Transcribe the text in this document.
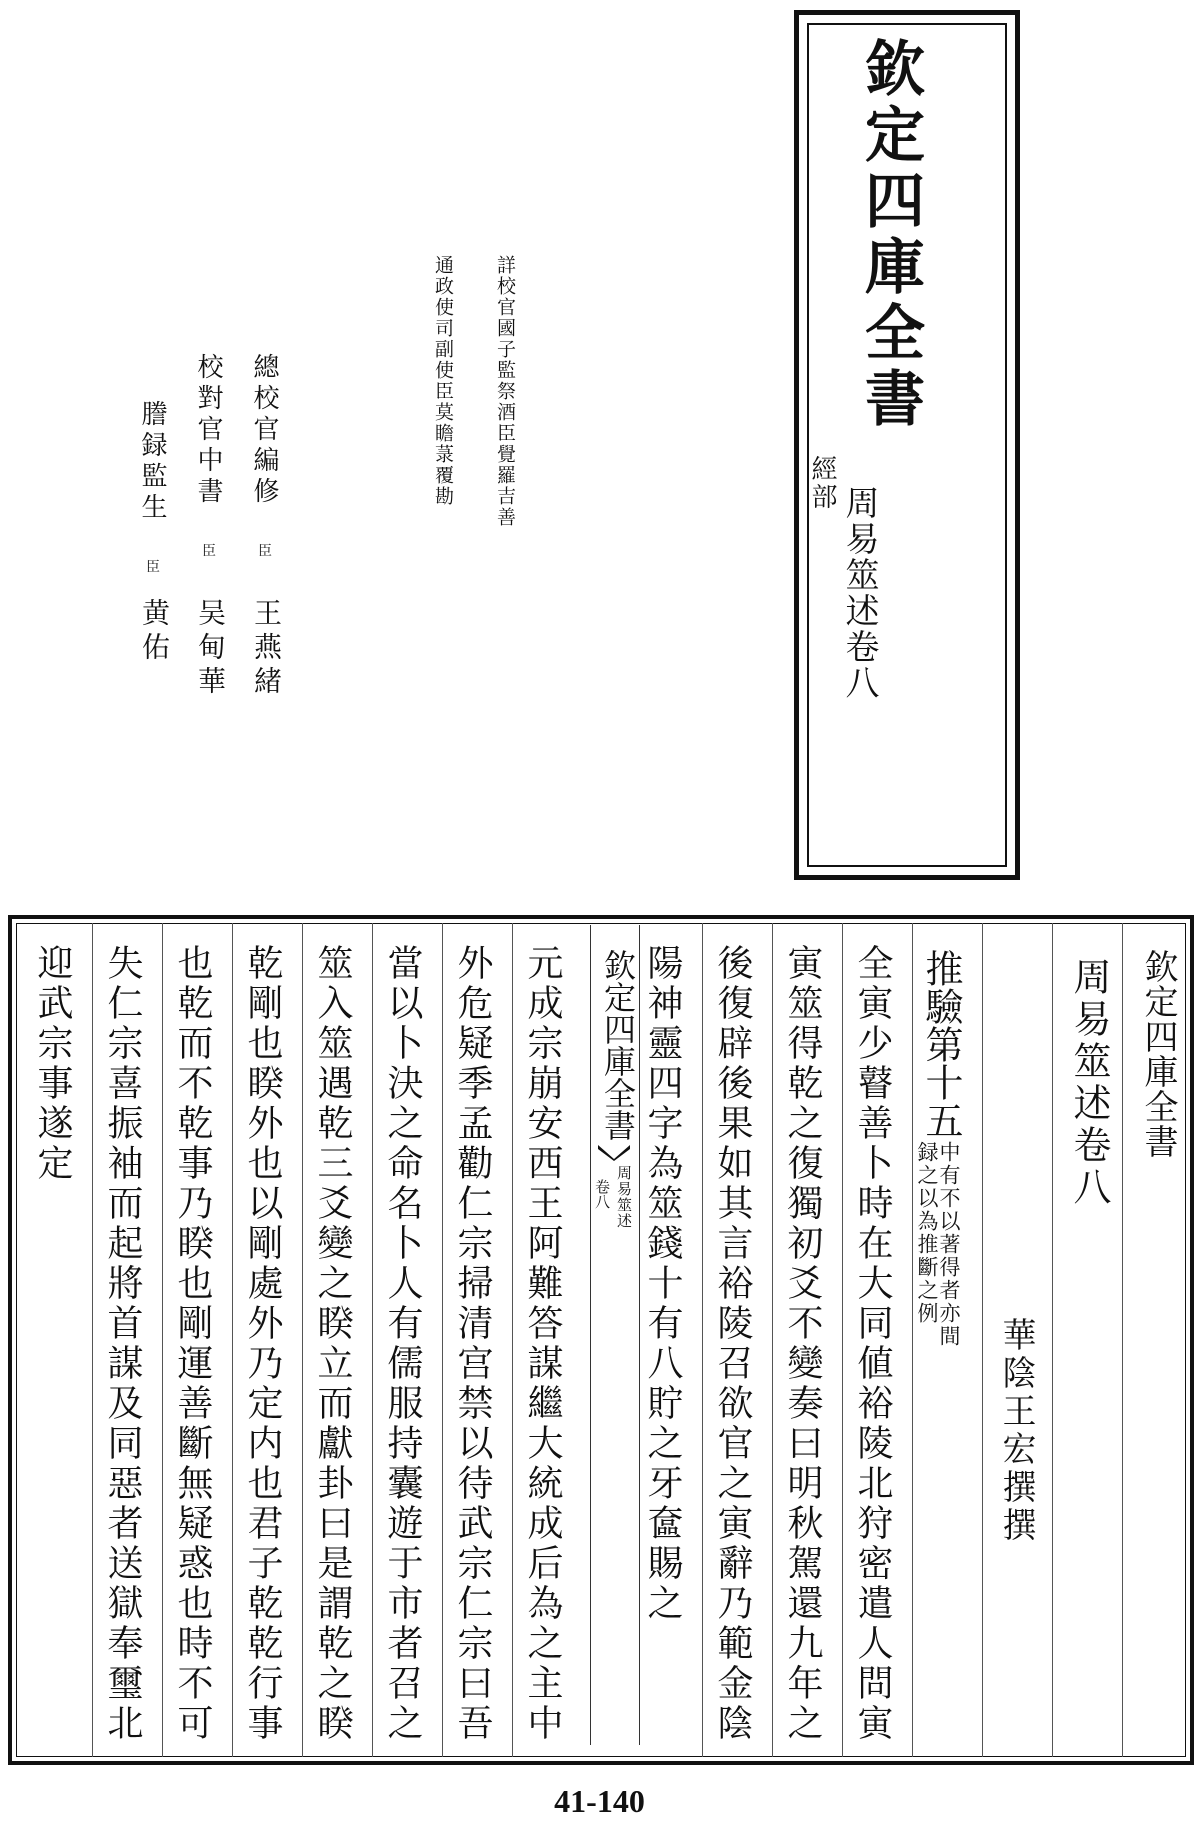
欽定四庫全書
周易筮述卷八
經部
詳校官國子監祭酒臣覺羅吉善
通政使司副使臣莫瞻菉覆勘
總校官編修 臣
王燕緒
校對官中書 臣
吴甸華
謄録監生 臣
黄佑
欽定四庫全書
周易筮述卷八
華陰王宏撰撰
推驗第十五
中有不以著得者亦間
録之以為推斷之例
全寅少瞽善卜時在大同値裕陵北狩密遣人問寅
寅筮得乾之復獨初爻不變奏曰明秋駕還九年之
後復辟後果如其言裕陵召欲官之寅辭乃範金陰
陽神靈四字為筮錢十有八貯之牙奩賜之
欽定四庫全書
周易筮述
卷八
元成宗崩安西王阿難答謀繼大統成后為之主中
外危疑季孟勸仁宗掃清宫禁以待武宗仁宗曰吾
當以卜決之命名卜人有儒服持囊遊于市者召之
筮入筮遇乾三爻變之睽立而獻卦曰是謂乾之睽
乾剛也睽外也以剛處外乃定内也君子乾乾行事
也乾而不乾事乃睽也剛運善斷無疑惑也時不可
失仁宗喜振袖而起將首謀及同惡者送獄奉璽北
迎武宗事遂定
41-140
